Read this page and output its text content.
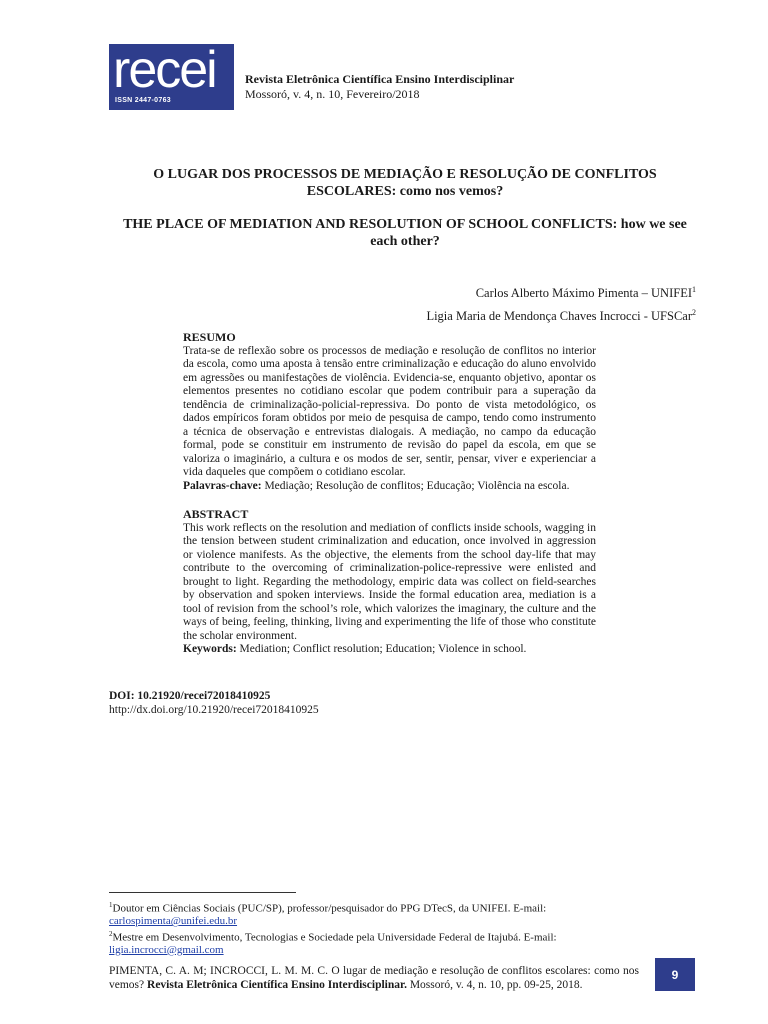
recei
ISSN 2447-0763
Revista Eletrônica Científica Ensino Interdisciplinar
Mossoró, v. 4, n. 10, Fevereiro/2018
O LUGAR DOS PROCESSOS DE MEDIAÇÃO E RESOLUÇÃO DE CONFLITOS ESCOLARES: como nos vemos?
THE PLACE OF MEDIATION AND RESOLUTION OF SCHOOL CONFLICTS: how we see each other?
Carlos Alberto Máximo Pimenta – UNIFEI$^1$
Ligia Maria de Mendonça Chaves Incrocci - UFSCar$^2$
RESUMO

Trata-se de reflexão sobre os processos de mediação e resolução de conflitos no interior da escola, como uma aposta à tensão entre criminalização e educação do aluno envolvido em agressões ou manifestações de violência. Evidencia-se, enquanto objetivo, apontar os elementos presentes no cotidiano escolar que podem contribuir para a superação da tendência de criminalização-policial-repressiva. Do ponto de vista metodológico, os dados empíricos foram obtidos por meio de pesquisa de campo, tendo como instrumento a técnica de observação e entrevistas dialogais. A mediação, no campo da educação formal, pode se constituir em instrumento de revisão do papel da escola, em que se valoriza o imaginário, a cultura e os modos de ser, sentir, pensar, viver e experienciar a vida daqueles que compõem o cotidiano escolar.

Palavras-chave: Mediação; Resolução de conflitos; Educação; Violência na escola.

ABSTRACT

This work reflects on the resolution and mediation of conflicts inside schools, wagging in the tension between student criminalization and education, once involved in aggression or violence manifests. As the objective, the elements from the school day-life that may contribute to the overcoming of criminalization-police-repressive were enlisted and brought to light. Regarding the methodology, empiric data was collect on field-searches by observation and spoken interviews. Inside the formal education area, mediation is a tool of revision from the school’s role, which valorizes the imaginary, the culture and the ways of being, feeling, thinking, living and experimenting the life of those who constitute the scholar environment.

Keywords: Mediation; Conflict resolution; Education; Violence in school.

DOI: 10.21920/recei72018410925
http://dx.doi.org/10.21920/recei72018410925
$^1$Doutor em Ciências Sociais (PUC/SP), professor/pesquisador do PPG DTecS, da UNIFEI. E-mail:
carlospimenta@unifei.edu.br
$^2$Mestre em Desenvolvimento, Tecnologias e Sociedade pela Universidade Federal de Itajubá. E-mail:
ligia.incrocci@gmail.com
PIMENTA, C. A. M; INCROCCI, L. M. M. C. O lugar de mediação e resolução de conflitos escolares: como nos vemos? Revista Eletrônica Científica Ensino Interdisciplinar. Mossoró, v. 4, n. 10, pp. 09-25, 2018.
9
